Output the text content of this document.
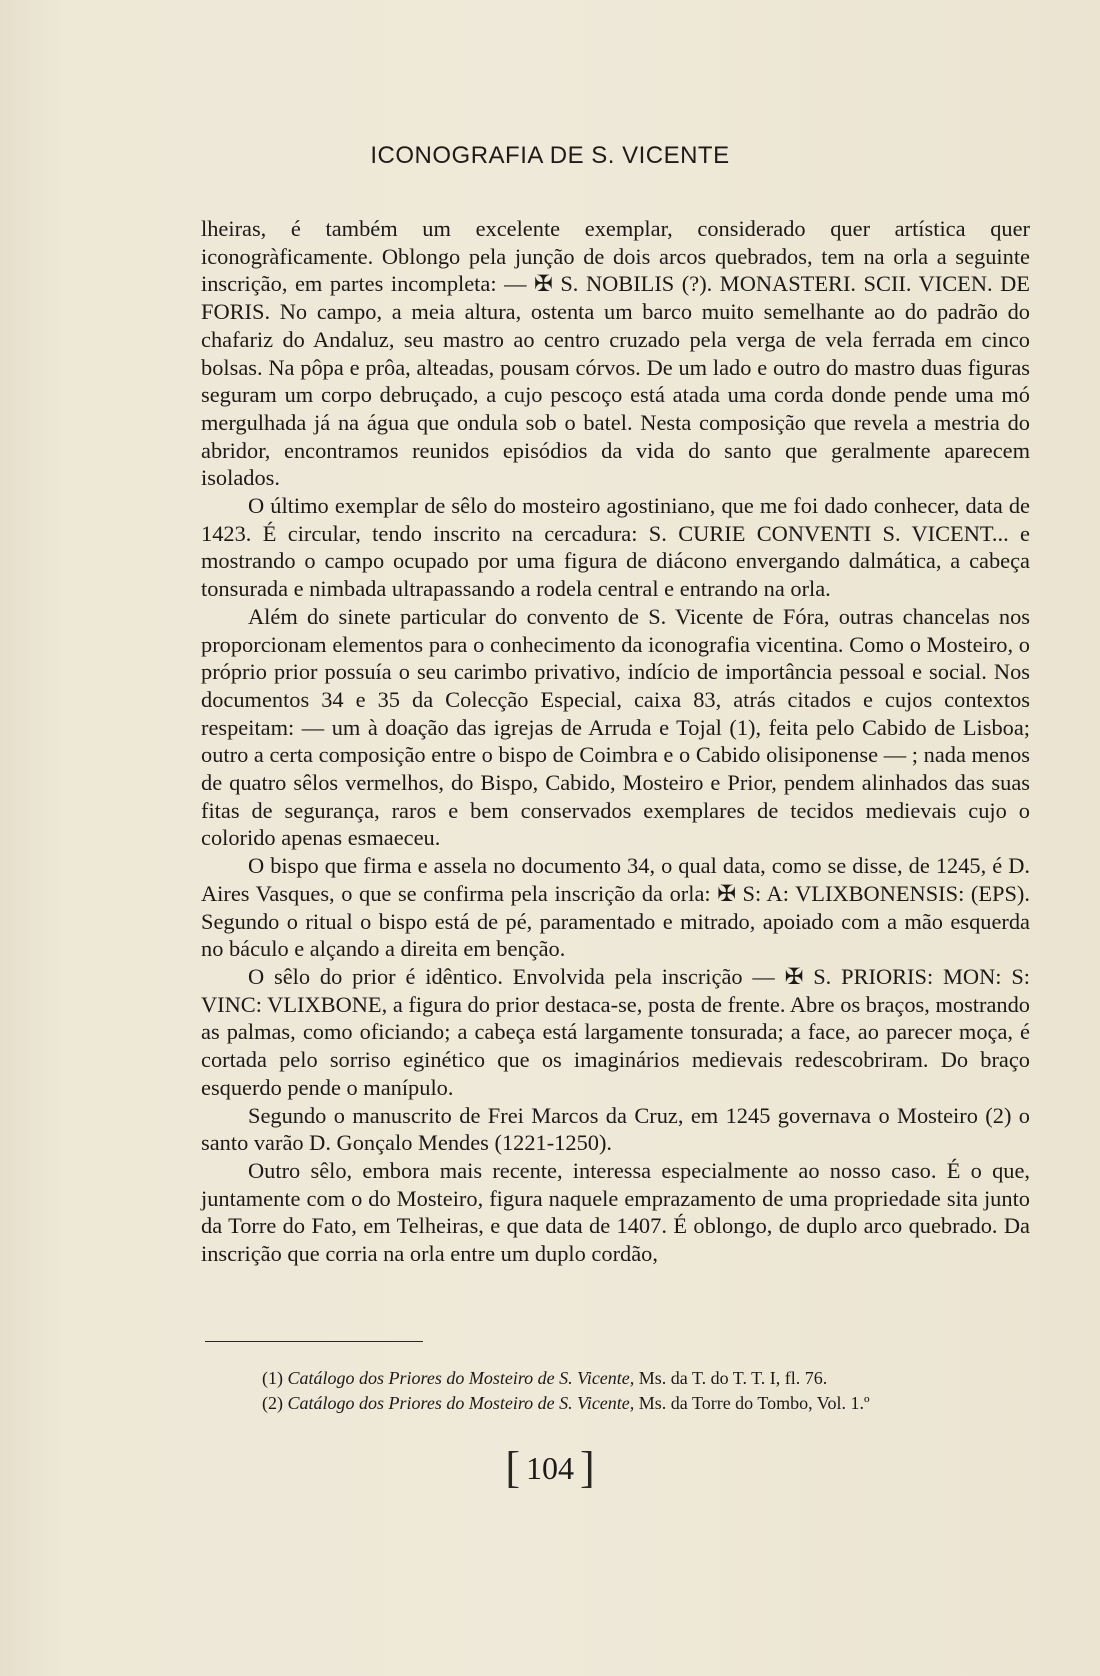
ICONOGRAFIA DE S. VICENTE

lheiras, é também um excelente exemplar, considerado quer artística quer iconogràficamente. Oblongo pela junção de dois arcos quebrados, tem na orla a seguinte inscrição, em partes incompleta: — ✠ S. NOBILIS (?). MONASTERI. SCII. VICEN. DE FORIS. No campo, a meia altura, ostenta um barco muito semelhante ao do padrão do chafariz do Andaluz, seu mastro ao centro cruzado pela verga de vela ferrada em cinco bolsas. Na pôpa e prôa, alteadas, pousam córvos. De um lado e outro do mastro duas figuras seguram um corpo debruçado, a cujo pescoço está atada uma corda donde pende uma mó mergulhada já na água que ondula sob o batel. Nesta composição que revela a mestria do abridor, encontramos reunidos episódios da vida do santo que geralmente aparecem isolados.

O último exemplar de sêlo do mosteiro agostiniano, que me foi dado conhecer, data de 1423. É circular, tendo inscrito na cercadura: S. CURIE CONVENTI S. VICENT... e mostrando o campo ocupado por uma figura de diácono envergando dalmática, a cabeça tonsurada e nimbada ultrapassando a rodela central e entrando na orla.

Além do sinete particular do convento de S. Vicente de Fóra, outras chancelas nos proporcionam elementos para o conhecimento da iconografia vicentina. Como o Mosteiro, o próprio prior possuía o seu carimbo privativo, indício de importância pessoal e social. Nos documentos 34 e 35 da Colecção Especial, caixa 83, atrás citados e cujos contextos respeitam: — um à doação das igrejas de Arruda e Tojal (1), feita pelo Cabido de Lisboa; outro a certa composição entre o bispo de Coimbra e o Cabido olisiponense — ; nada menos de quatro sêlos vermelhos, do Bispo, Cabido, Mosteiro e Prior, pendem alinhados das suas fitas de segurança, raros e bem conservados exemplares de tecidos medievais cujo o colorido apenas esmaeceu.

O bispo que firma e assela no documento 34, o qual data, como se disse, de 1245, é D. Aires Vasques, o que se confirma pela inscrição da orla: ✠ S: A: VLIXBONENSIS: (EPS). Segundo o ritual o bispo está de pé, paramentado e mitrado, apoiado com a mão esquerda no báculo e alçando a direita em benção.

O sêlo do prior é idêntico. Envolvida pela inscrição — ✠ S. PRIORIS: MON: S: VINC: VLIXBONE, a figura do prior destaca-se, posta de frente. Abre os braços, mostrando as palmas, como oficiando; a cabeça está largamente tonsurada; a face, ao parecer moça, é cortada pelo sorriso eginético que os imaginários medievais redescobriram. Do braço esquerdo pende o manípulo.

Segundo o manuscrito de Frei Marcos da Cruz, em 1245 governava o Mosteiro (2) o santo varão D. Gonçalo Mendes (1221-1250).

Outro sêlo, embora mais recente, interessa especialmente ao nosso caso. É o que, juntamente com o do Mosteiro, figura naquele emprazamento de uma propriedade sita junto da Torre do Fato, em Telheiras, e que data de 1407. É oblongo, de duplo arco quebrado. Da inscrição que corria na orla entre um duplo cordão,

(1) Catálogo dos Priores do Mosteiro de S. Vicente, Ms. da T. do T. T. I, fl. 76.
(2) Catálogo dos Priores do Mosteiro de S. Vicente, Ms. da Torre do Tombo, Vol. 1.º
[ 104 ]
